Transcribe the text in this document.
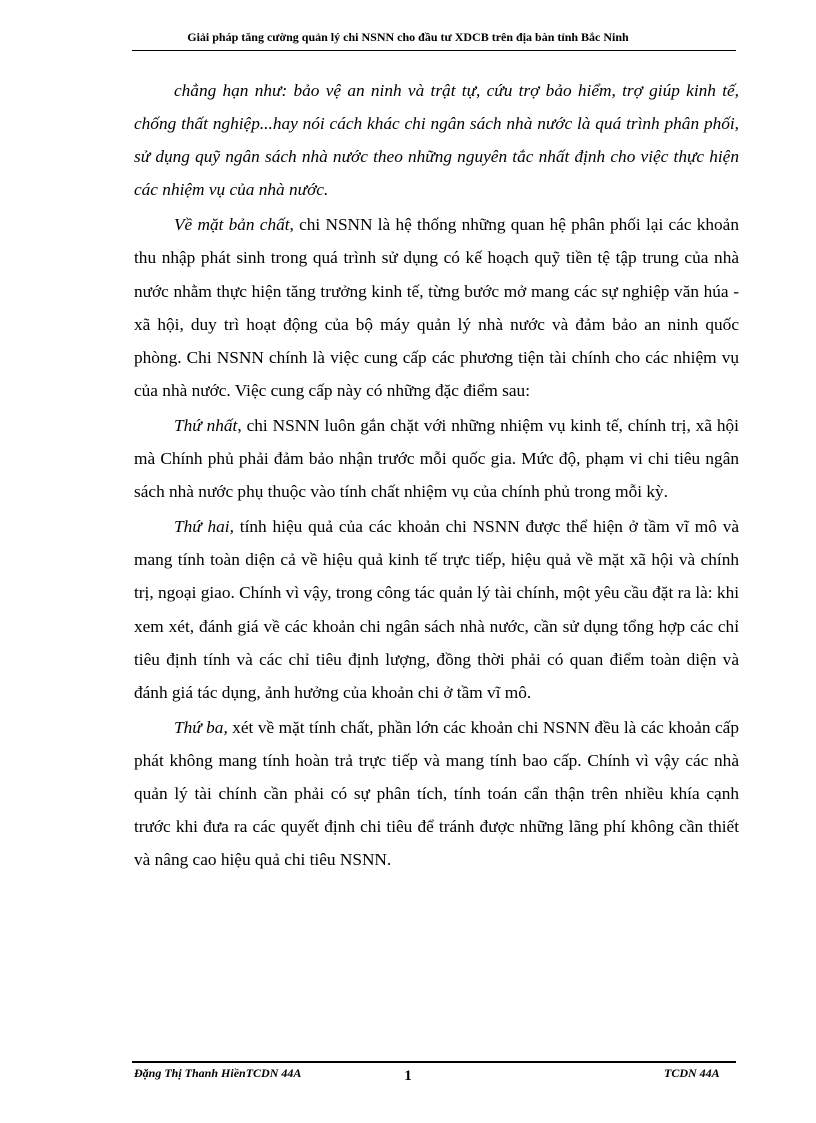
Giải pháp tăng cường quản lý chi NSNN cho đầu tư XDCB trên địa bàn tỉnh Bắc Ninh

chẳng hạn như: bảo vệ an ninh và trật tự, cứu trợ bảo hiểm, trợ giúp kinh tế, chống thất nghiệp...hay nói cách khác chi ngân sách nhà nước là quá trình phân phối, sử dụng quỹ ngân sách nhà nước theo những nguyên tắc nhất định cho việc thực hiện các nhiệm vụ của nhà nước.

Về mặt bản chất, chi NSNN là hệ thống những quan hệ phân phối lại các khoản thu nhập phát sinh trong quá trình sử dụng có kế hoạch quỹ tiền tệ tập trung của nhà nước nhằm thực hiện tăng trưởng kinh tế, từng bước mở mang các sự nghiệp văn húa - xã hội, duy trì hoạt động của bộ máy quản lý nhà nước và đảm bảo an ninh quốc phòng. Chi NSNN chính là việc cung cấp các phương tiện tài chính cho các nhiệm vụ của nhà nước. Việc cung cấp này có những đặc điểm sau:

Thứ nhất, chi NSNN luôn gắn chặt với những nhiệm vụ kinh tế, chính trị, xã hội mà Chính phủ phải đảm bảo nhận trước mỗi quốc gia. Mức độ, phạm vi chi tiêu ngân sách nhà nước phụ thuộc vào tính chất nhiệm vụ của chính phủ trong mỗi kỳ.

Thứ hai, tính hiệu quả của các khoản chi NSNN được thể hiện ở tầm vĩ mô và mang tính toàn diện cả về hiệu quả kinh tế trực tiếp, hiệu quả về mặt xã hội và chính trị, ngoại giao. Chính vì vậy, trong công tác quản lý tài chính, một yêu cầu đặt ra là: khi xem xét, đánh giá về các khoản chi ngân sách nhà nước, cần sử dụng tổng hợp các chỉ tiêu định tính và các chỉ tiêu định lượng, đồng thời phải có quan điểm toàn diện và đánh giá tác dụng, ảnh hưởng của khoản chi ở tầm vĩ mô.

Thứ ba, xét về mặt tính chất, phần lớn các khoản chi NSNN đều là các khoản cấp phát không mang tính hoàn trả trực tiếp và mang tính bao cấp. Chính vì vậy các nhà quản lý tài chính cần phải có sự phân tích, tính toán cẩn thận trên nhiều khía cạnh trước khi đưa ra các quyết định chi tiêu để tránh được những lãng phí không cần thiết và nâng cao hiệu quả chi tiêu NSNN.

Đặng Thị Thanh HiềnTCDN 44A	1	TCDN 44A
